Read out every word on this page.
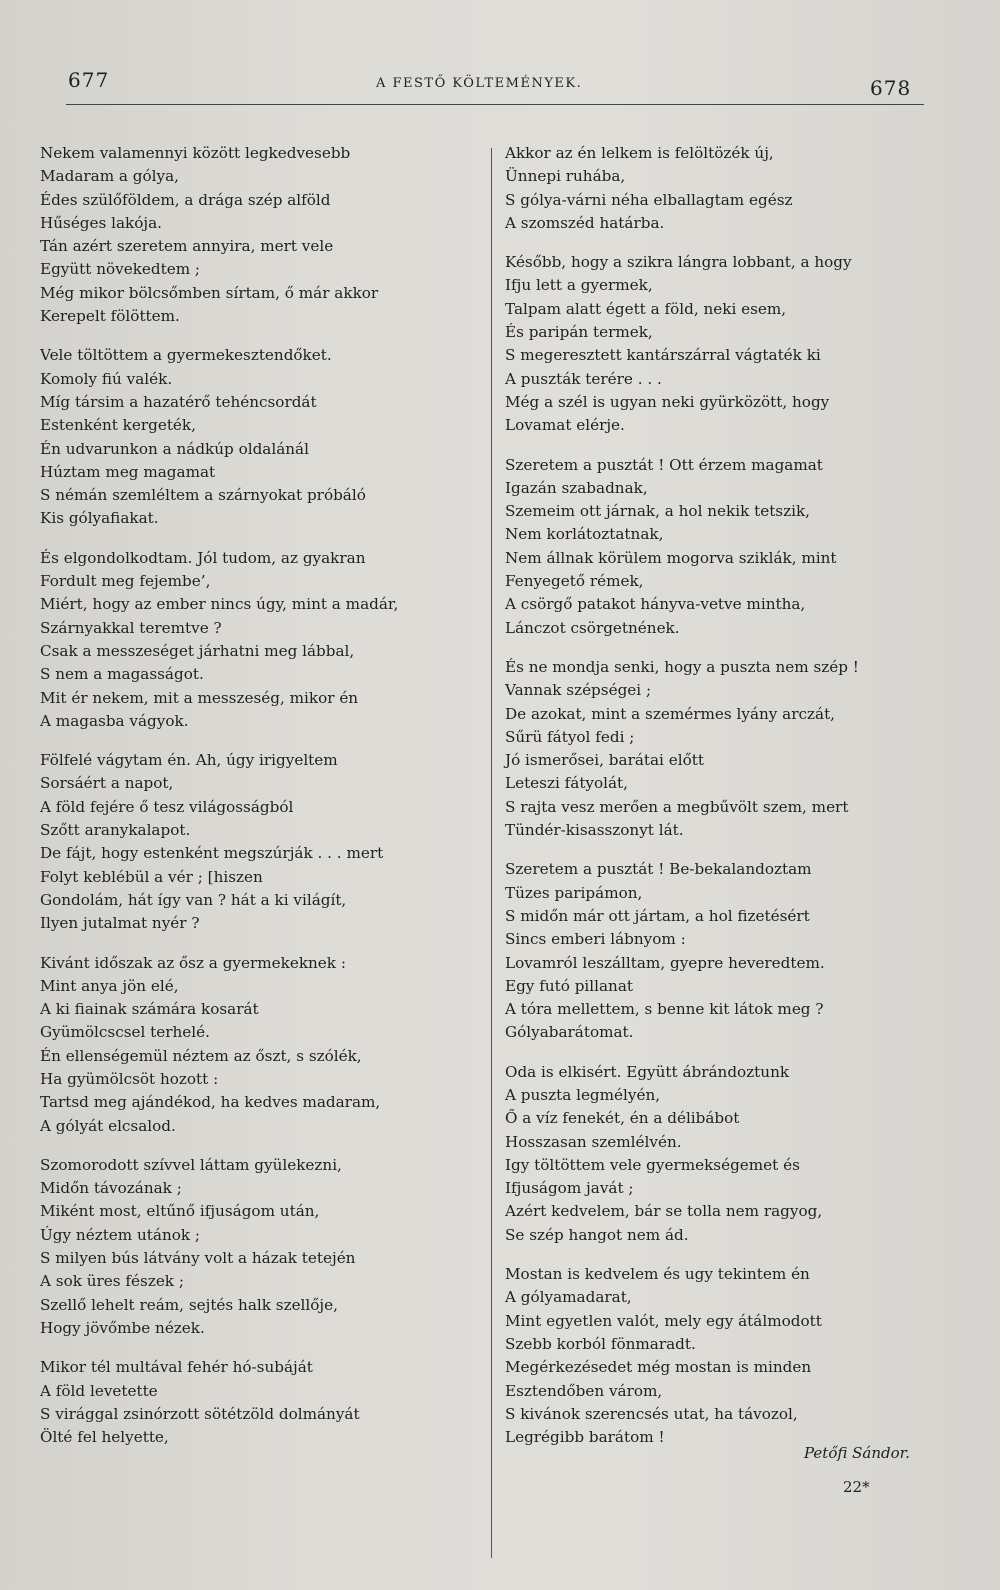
677	A FESTŐ KÖLTEMÉNYEK.	678
Nekem valamennyi között legkedvesebb
Madaram a gólya,
Édes szülőföldem, a drága szép alföld
Hűséges lakója.
Tán azért szeretem annyira, mert vele
Együtt növekedtem ;
Még mikor bölcsőmben sírtam, ő már akkor
Kerepelt fölöttem.
Vele töltöttem a gyermekesztendőket.
Komoly fiú valék.
Míg társim a hazatérő tehéncsordát
Estenként kergeték,
Én udvarunkon a nádkúp oldalánál
Húztam meg magamat
S némán szemléltem a szárnyokat próbáló
Kis gólyafiakat.
És elgondolkodtam. Jól tudom, az gyakran
Fordult meg fejembe’,
Miért, hogy az ember nincs úgy, mint a madár,
Szárnyakkal teremtve ?
Csak a messzeséget járhatni meg lábbal,
S nem a magasságot.
Mit ér nekem, mit a messzeség, mikor én
A magasba vágyok.
Fölfelé vágytam én. Ah, úgy irigyeltem
Sorsáért a napot,
A föld fejére ő tesz világosságból
Szőtt aranykalapot.
De fájt, hogy estenként megszúrják . . . mert
Folyt keblébül a vér ; [hiszen
Gondolám, hát így van ? hát a ki világít,
Ilyen jutalmat nyér ?
Kivánt időszak az ősz a gyermekeknek :
Mint anya jön elé,
A ki fiainak számára kosarát
Gyümölcscsel terhelé.
Én ellenségemül néztem az őszt, s szólék,
Ha gyümölcsöt hozott :
Tartsd meg ajándékod, ha kedves madaram,
A gólyát elcsalod.
Szomorodott szívvel láttam gyülekezni,
Midőn távozának ;
Miként most, eltűnő ifjuságom után,
Úgy néztem utánok ;
S milyen bús látvány volt a házak tetején
A sok üres fészek ;
Szellő lehelt reám, sejtés halk szellője,
Hogy jövőmbe nézek.
Mikor tél multával fehér hó-subáját
A föld levetette
S virággal zsinórzott sötétzöld dolmányát
Ölté fel helyette,
Akkor az én lelkem is felöltözék új,
Ünnepi ruhába,
S gólya-várni néha elballagtam egész
A szomszéd határba.
Később, hogy a szikra lángra lobbant, a hogy
Ifju lett a gyermek,
Talpam alatt égett a föld, neki esem,
És paripán termek,
S megeresztett kantárszárral vágtaték ki
A puszták terére . . .
Még a szél is ugyan neki gyürközött, hogy
Lovamat elérje.
Szeretem a pusztát ! Ott érzem magamat
Igazán szabadnak,
Szemeim ott járnak, a hol nekik tetszik,
Nem korlátoztatnak,
Nem állnak körülem mogorva sziklák, mint
Fenyegető rémek,
A csörgő patakot hányva-vetve mintha,
Lánczot csörgetnének.
És ne mondja senki, hogy a puszta nem szép !
Vannak szépségei ;
De azokat, mint a szemérmes lyány arczát,
Sűrü fátyol fedi ;
Jó ismerősei, barátai előtt
Leteszi fátyolát,
S rajta vesz merően a megbűvölt szem, mert
Tündér-kisasszonyt lát.
Szeretem a pusztát ! Be-bekalandoztam
Tüzes paripámon,
S midőn már ott jártam, a hol fizetésért
Sincs emberi lábnyom :
Lovamról leszálltam, gyepre heveredtem.
Egy futó pillanat
A tóra mellettem, s benne kit látok meg ?
Gólyabarátomat.
Oda is elkisért. Együtt ábrándoztunk
A puszta legmélyén,
Ő a víz fenekét, én a délibábot
Hosszasan szemlélvén.
Igy töltöttem vele gyermekségemet és
Ifjuságom javát ;
Azért kedvelem, bár se tolla nem ragyog,
Se szép hangot nem ád.
Mostan is kedvelem és ugy tekintem én
A gólyamadarat,
Mint egyetlen valót, mely egy átálmodott
Szebb korból fönmaradt.
Megérkezésedet még mostan is minden
Esztendőben várom,
S kivánok szerencsés utat, ha távozol,
Legrégibb barátom !
Petőfi Sándor.
22*
